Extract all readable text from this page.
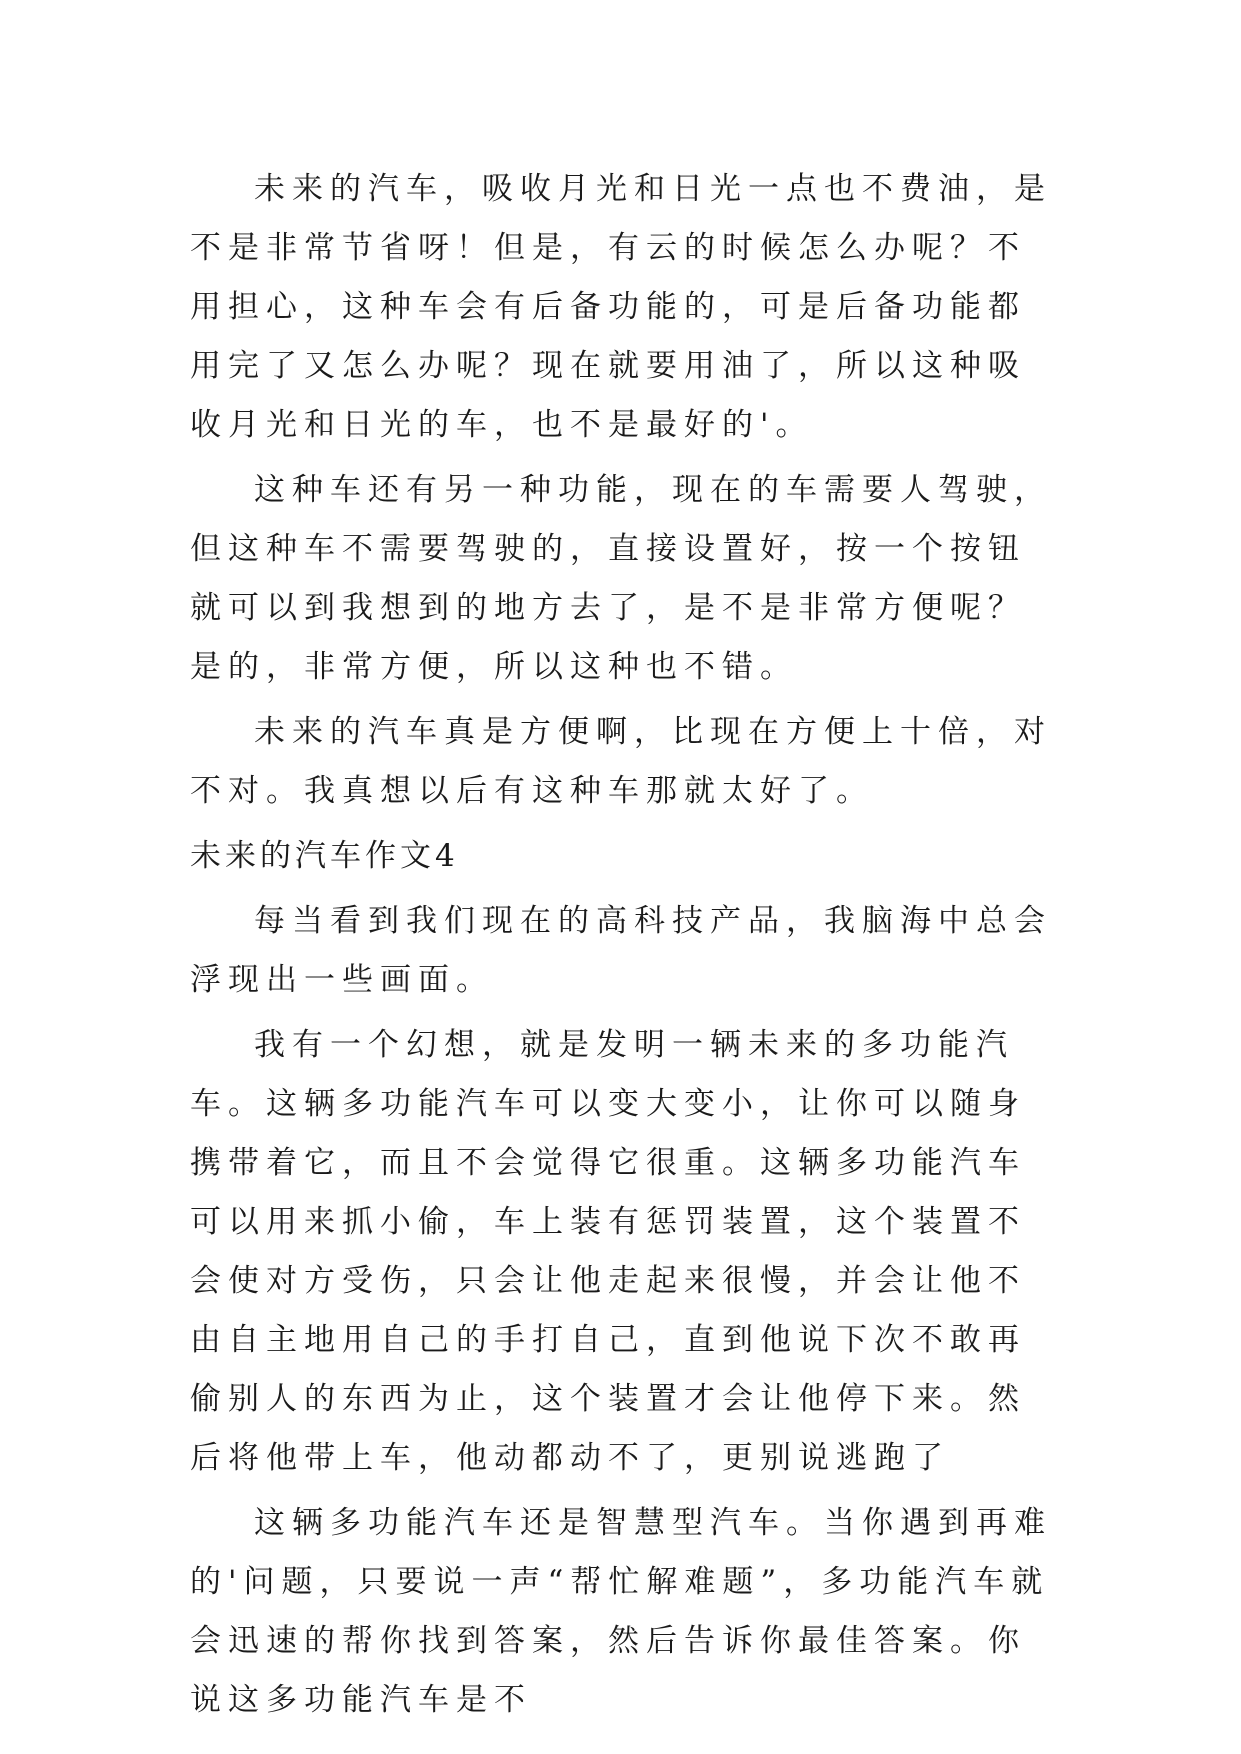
未来的汽车，吸收月光和日光一点也不费油，是不是非常节省呀！但是，有云的时候怎么办呢？不用担心，这种车会有后备功能的，可是后备功能都用完了又怎么办呢？现在就要用油了，所以这种吸收月光和日光的车，也不是最好的'。

这种车还有另一种功能，现在的车需要人驾驶，但这种车不需要驾驶的，直接设置好，按一个按钮就可以到我想到的地方去了，是不是非常方便呢？是的，非常方便，所以这种也不错。

未来的汽车真是方便啊，比现在方便上十倍，对不对。我真想以后有这种车那就太好了。

未来的汽车作文4

每当看到我们现在的高科技产品，我脑海中总会浮现出一些画面。

我有一个幻想，就是发明一辆未来的多功能汽车。这辆多功能汽车可以变大变小，让你可以随身携带着它，而且不会觉得它很重。这辆多功能汽车可以用来抓小偷，车上装有惩罚装置，这个装置不会使对方受伤，只会让他走起来很慢，并会让他不由自主地用自己的手打自己，直到他说下次不敢再偷别人的东西为止，这个装置才会让他停下来。然后将他带上车，他动都动不了，更别说逃跑了

这辆多功能汽车还是智慧型汽车。当你遇到再难的'问题，只要说一声“帮忙解难题”，多功能汽车就会迅速的帮你找到答案，然后告诉你最佳答案。你说这多功能汽车是不
